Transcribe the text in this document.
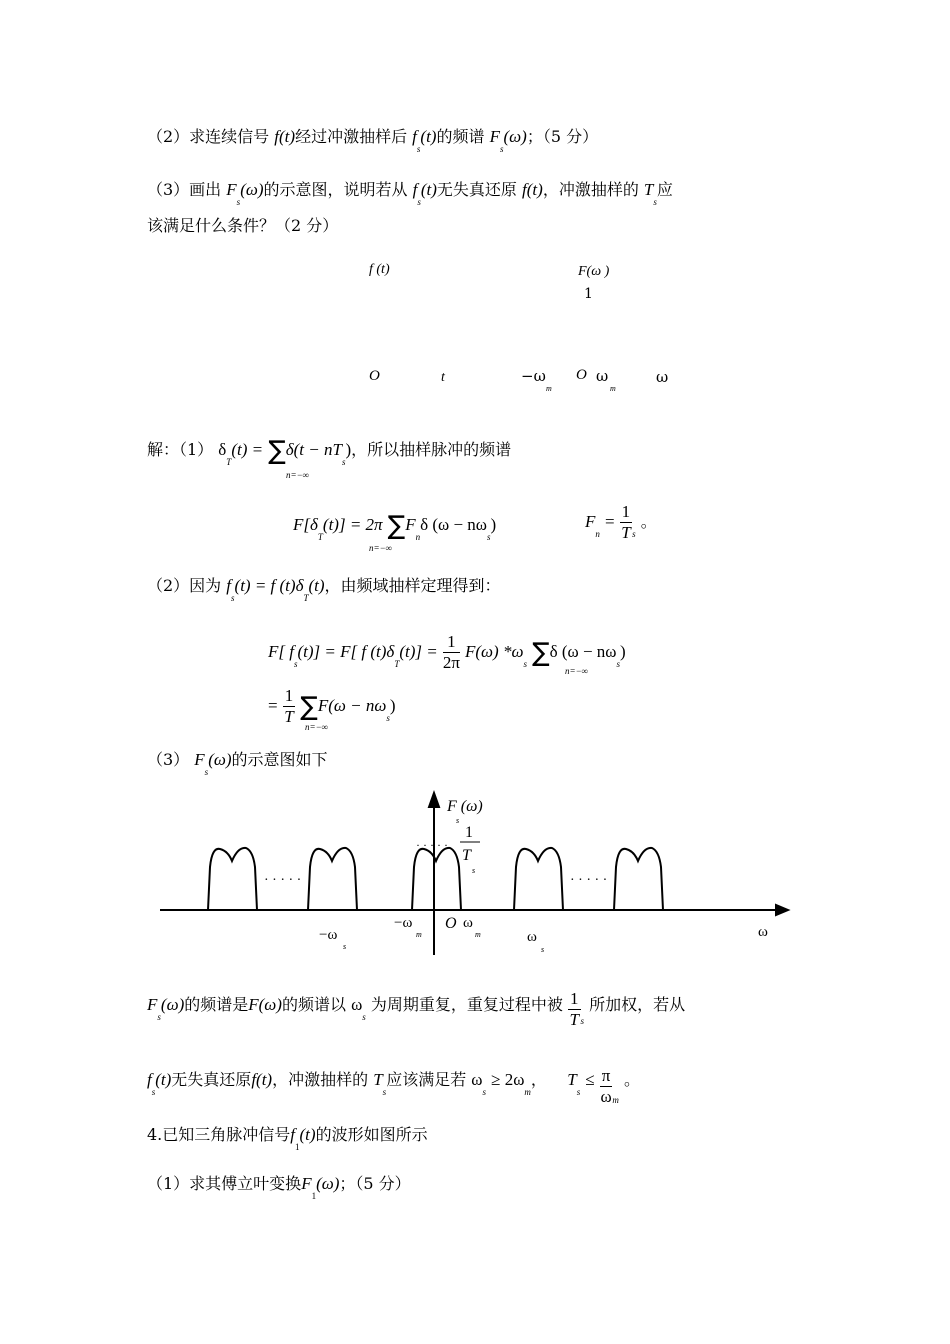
（2）求连续信号 f(t)经过冲激抽样后 $f_s(t)$的频谱 $F_s(\omega)$；（5 分）
（3）画出 $F_s(\omega)$的示意图，说明若从 $f_s(t)$无失真还原 f(t)，冲激抽样的 $T_s$应
该满足什么条件？（2 分）
f (t)	F(ω )
1
O	t	−ω
m
O ω
m
ω
解：（1） $\delta_T(t) = \sum\delta(t - nT_s)$，所以抽样脉冲的频谱
n=−∞
$F[\delta_T(t)] = 2\pi$ $\sum F_n\delta$ $(\omega - n\omega_s)$
n=−∞
$F_n = \frac{1}{T} _s$ 。
（2）因为 $f_s(t) = f$ $(t)\delta_T(t)$，由频域抽样定理得到：
F[ $f_s(t)] = F$[ f $(t)\delta_T(t)] = \frac{1}{2\pi} F(\omega)$ $*\omega_s$ ∑δ $(\omega - n\omega_s)$
n=−∞
= $\frac{1}{T} \sum F(\omega - n\omega_s)$
n=−∞
（3） $F_s(\omega)$的示意图如下
· · · · ·	· · · · ·
· · · · ·
F (ω)
s
1
T
s
−ω
s
−ω
m
O ω
m	ω
s
ω
$F_s(\omega)$的频谱是F(ω)的频谱以 $\omega_s$ 为周期重复，重复过程中被 $\frac{1}{T} _s$ 所加权，若从
$f_s(t)$无失真还原f(t)，冲激抽样的 $T_s$应该满足若 $\omega_s \ge 2\omega_m$， $T_s \le \frac{\pi}{\omega} _m$ 。
4.已知三角脉冲信号$f_1(t)$的波形如图所示
（1）求其傅立叶变换$F_1(\omega)$；（5 分）
